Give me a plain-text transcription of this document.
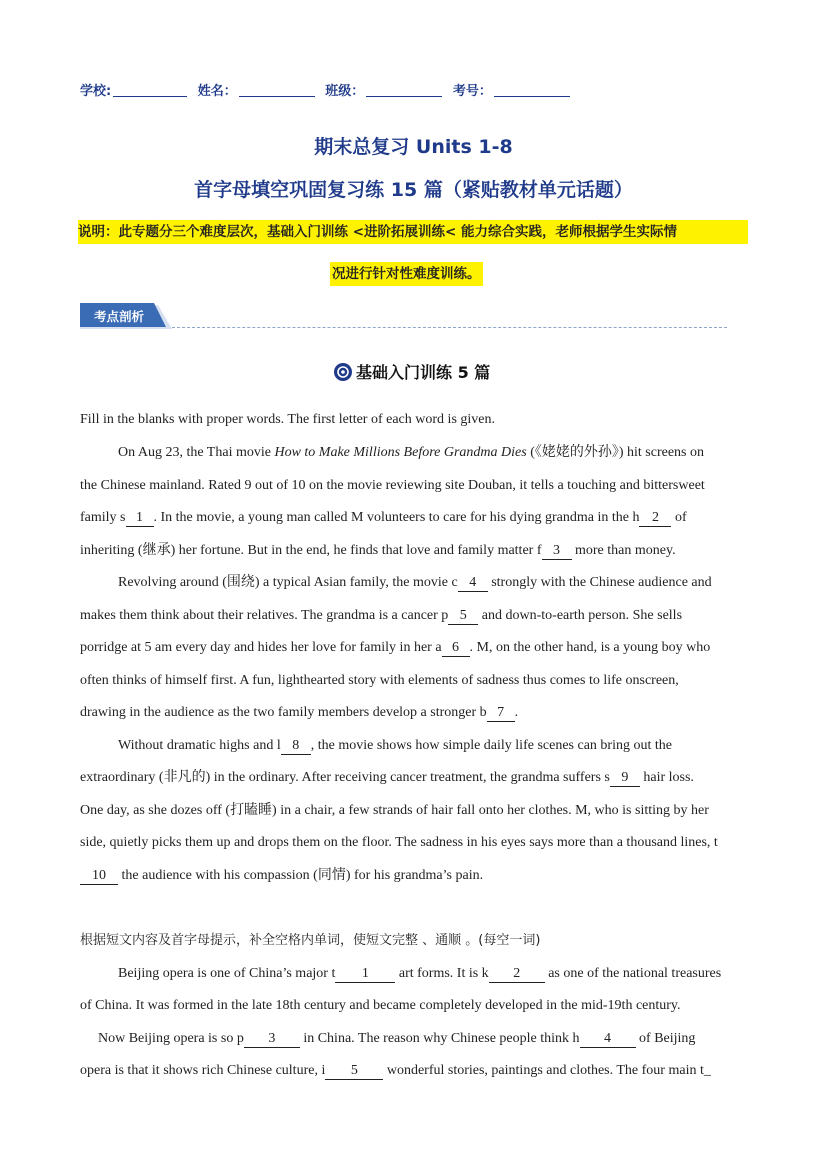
学校:	姓名：	班级：	考号：
期末总复习 Units 1-8
首字母填空巩固复习练 15 篇（紧贴教材单元话题）
说明：此专题分三个难度层次，基础入门训练 <进阶拓展训练< 能力综合实践，老师根据学生实际情
况进行针对性难度训练。
考点剖析
基础入门训练 5 篇
Fill in the blanks with proper words. The first letter of each word is given.
On Aug 23, the Thai movie How to Make Millions Before Grandma Dies (《姥姥的外孙》) hit screens on
the Chinese mainland. Rated 9 out of 10 on the movie reviewing site Douban, it tells a touching and bittersweet
family s 1 . In the movie, a young man called M volunteers to care for his dying grandma in the h 2 of
inheriting (继承) her fortune. But in the end, he finds that love and family matter f 3 more than money.
Revolving around (围绕) a typical Asian family, the movie c 4 strongly with the Chinese audience and
makes them think about their relatives. The grandma is a cancer p 5 and down-to-earth person. She sells
porridge at 5 am every day and hides her love for family in her a 6 . M, on the other hand, is a young boy who
often thinks of himself first. A fun, lighthearted story with elements of sadness thus comes to life onscreen,
drawing in the audience as the two family members develop a stronger b 7 .
Without dramatic highs and l 8 , the movie shows how simple daily life scenes can bring out the
extraordinary (非凡的) in the ordinary. After receiving cancer treatment, the grandma suffers s 9 hair loss.
One day, as she dozes off (打瞌睡) in a chair, a few strands of hair fall onto her clothes. M, who is sitting by her
side, quietly picks them up and drops them on the floor. The sadness in his eyes says more than a thousand lines, t
10 the audience with his compassion (同情) for his grandma’s pain.
根据短文内容及首字母提示，补全空格内单词，使短文完整 、通顺 。(每空一词)
Beijing opera is one of China’s major t 1 art forms. It is k 2 as one of the national treasures
of China. It was formed in the late 18th century and became completely developed in the mid-19th century.
Now Beijing opera is so p 3 in China. The reason why Chinese people think h 4 of Beijing
opera is that it shows rich Chinese culture, i 5 wonderful stories, paintings and clothes. The four main t_
